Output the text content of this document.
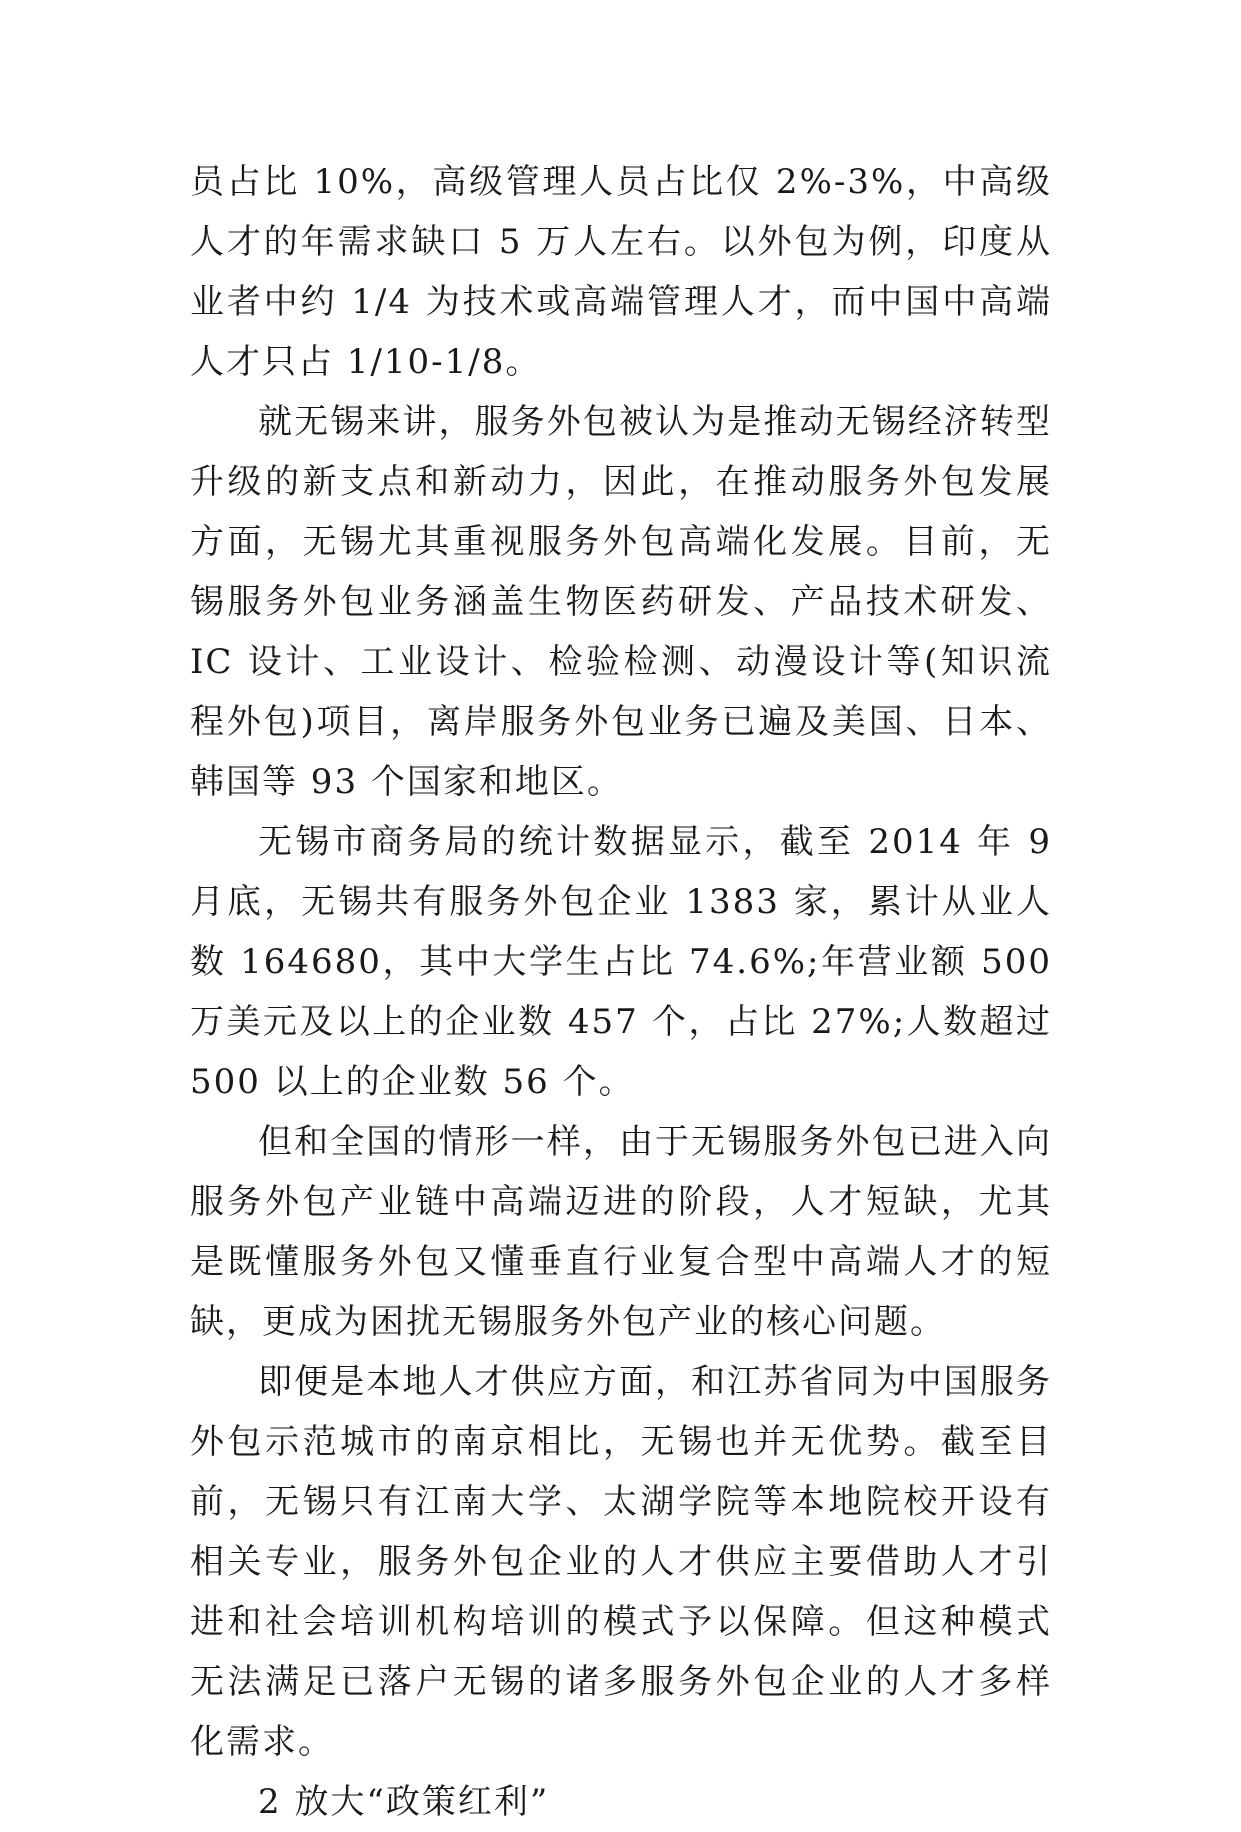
员占比 10%，高级管理人员占比仅 2%-3%，中高级人才的年需求缺口 5 万人左右。以外包为例，印度从业者中约 1/4 为技术或高端管理人才，而中国中高端人才只占 1/10-1/8。

就无锡来讲，服务外包被认为是推动无锡经济转型升级的新支点和新动力，因此，在推动服务外包发展方面，无锡尤其重视服务外包高端化发展。目前，无锡服务外包业务涵盖生物医药研发、产品技术研发、IC 设计、工业设计、检验检测、动漫设计等(知识流程外包)项目，离岸服务外包业务已遍及美国、日本、韩国等 93 个国家和地区。

无锡市商务局的统计数据显示，截至 2014 年 9 月底，无锡共有服务外包企业 1383 家，累计从业人数 164680，其中大学生占比 74.6%;年营业额 500 万美元及以上的企业数 457 个，占比 27%;人数超过 500 以上的企业数 56 个。

但和全国的情形一样，由于无锡服务外包已进入向服务外包产业链中高端迈进的阶段，人才短缺，尤其是既懂服务外包又懂垂直行业复合型中高端人才的短缺，更成为困扰无锡服务外包产业的核心问题。

即便是本地人才供应方面，和江苏省同为中国服务外包示范城市的南京相比，无锡也并无优势。截至目前，无锡只有江南大学、太湖学院等本地院校开设有相关专业，服务外包企业的人才供应主要借助人才引进和社会培训机构培训的模式予以保障。但这种模式无法满足已落户无锡的诸多服务外包企业的人才多样化需求。

2 放大“政策红利”
